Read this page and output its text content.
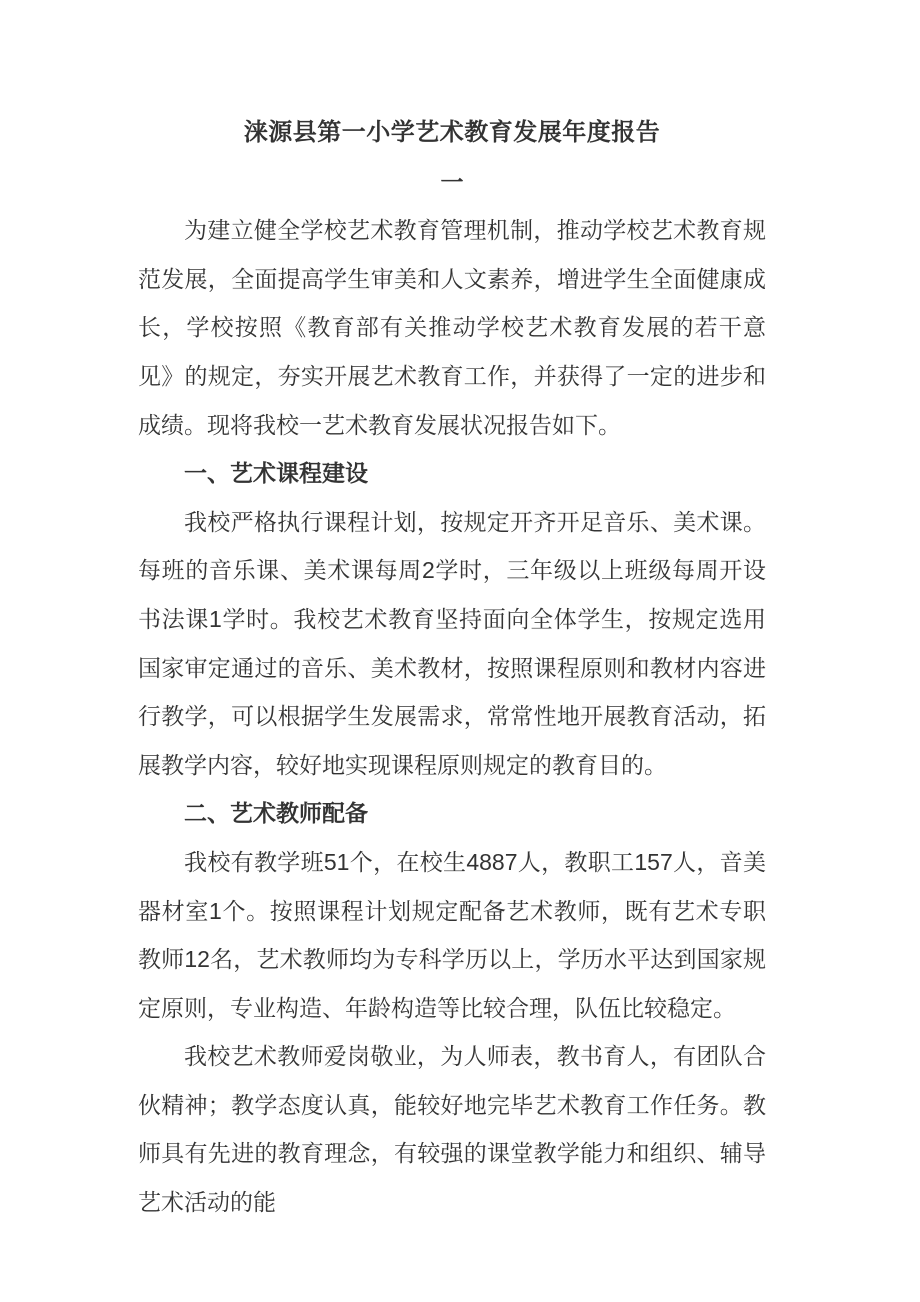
涞源县第一小学艺术教育发展年度报告
一
为建立健全学校艺术教育管理机制，推动学校艺术教育规范发展，全面提高学生审美和人文素养，增进学生全面健康成长，学校按照《教育部有关推动学校艺术教育发展的若干意见》的规定，夯实开展艺术教育工作，并获得了一定的进步和成绩。现将我校一艺术教育发展状况报告如下。
一、艺术课程建设
我校严格执行课程计划，按规定开齐开足音乐、美术课。每班的音乐课、美术课每周2学时，三年级以上班级每周开设书法课1学时。我校艺术教育坚持面向全体学生，按规定选用国家审定通过的音乐、美术教材，按照课程原则和教材内容进行教学，可以根据学生发展需求，常常性地开展教育活动，拓展教学内容，较好地实现课程原则规定的教育目的。
二、艺术教师配备
我校有教学班51个，在校生4887人，教职工157人，音美器材室1个。按照课程计划规定配备艺术教师，既有艺术专职教师12名，艺术教师均为专科学历以上，学历水平达到国家规定原则，专业构造、年龄构造等比较合理，队伍比较稳定。
我校艺术教师爱岗敬业，为人师表，教书育人，有团队合伙精神；教学态度认真，能较好地完毕艺术教育工作任务。教师具有先进的教育理念，有较强的课堂教学能力和组织、辅导艺术活动的能
